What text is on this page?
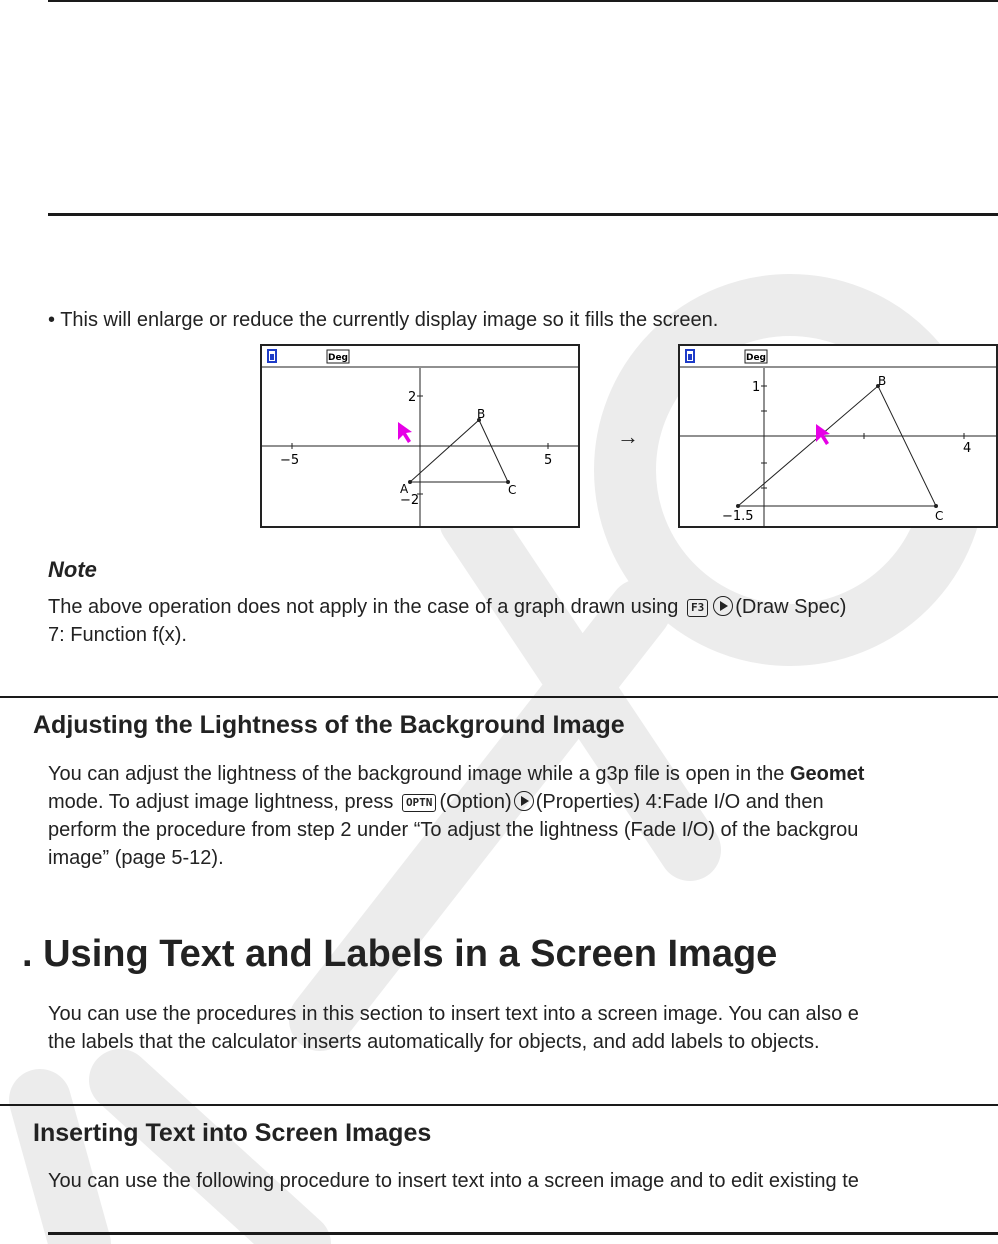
• This will enlarge or reduce the currently display image so it fills the screen.
Deg
−5	5
2
−2
A
B
C
→
Deg
1
4
−1.5
B
C
Note
The above operation does not apply in the case of a graph drawn using F3 (Draw Spec)
7: Function f(x).
Adjusting the Lightness of the Background Image
You can adjust the lightness of the background image while a g3p file is open in the Geomet
mode. To adjust image lightness, press OPTN (Option) (Properties) 4:Fade I/O and then
perform the procedure from step 2 under “To adjust the lightness (Fade I/O) of the backgrou
image” (page 5-12).
. Using Text and Labels in a Screen Image
You can use the procedures in this section to insert text into a screen image. You can also e
the labels that the calculator inserts automatically for objects, and add labels to objects.
Inserting Text into Screen Images
You can use the following procedure to insert text into a screen image and to edit existing te
